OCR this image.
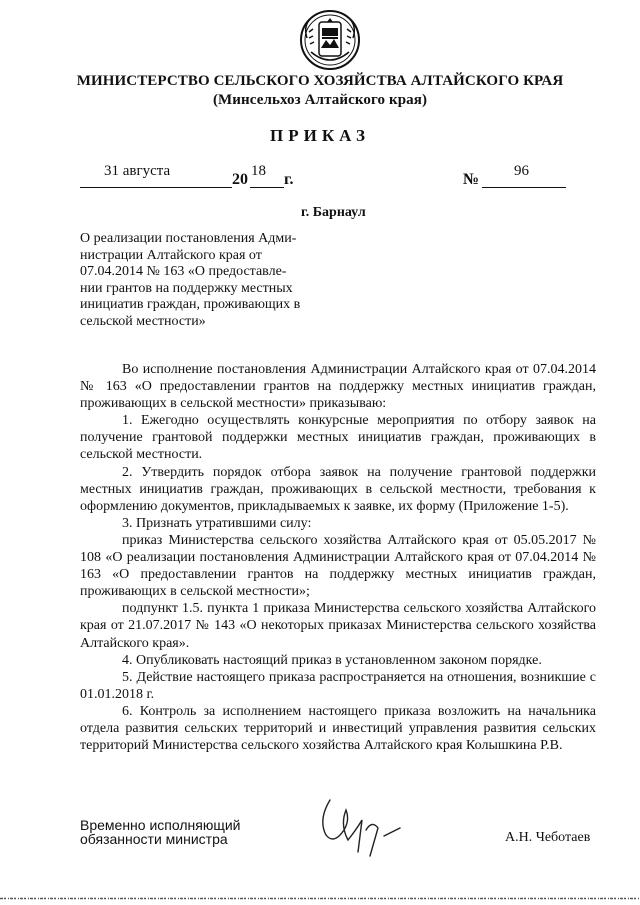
МИНИСТЕРСТВО СЕЛЬСКОГО ХОЗЯЙСТВА АЛТАЙСКОГО КРАЯ
(Минсельхоз Алтайского края)
ПРИКАЗ
31 августа	20 18 г.	№ 96
г. Барнаул
О реализации постановления Адми-
нистрации Алтайского края от
07.04.2014 № 163 «О предоставле-
нии грантов на поддержку местных
инициатив граждан, проживающих в
сельской местности»

Во исполнение постановления Администрации Алтайского края от 07.04.2014 № 163 «О предоставлении грантов на поддержку местных инициатив граждан, проживающих в сельской местности» приказываю:

1. Ежегодно осуществлять конкурсные мероприятия по отбору заявок на получение грантовой поддержки местных инициатив граждан, проживающих в сельской местности.

2. Утвердить порядок отбора заявок на получение грантовой поддержки местных инициатив граждан, проживающих в сельской местности, требования к оформлению документов, прикладываемых к заявке, их форму (Приложение 1-5).

3. Признать утратившими силу:

приказ Министерства сельского хозяйства Алтайского края от 05.05.2017 № 108 «О реализации постановления Администрации Алтайского края от 07.04.2014 № 163 «О предоставлении грантов на поддержку местных инициатив граждан, проживающих в сельской местности»;

подпункт 1.5. пункта 1 приказа Министерства сельского хозяйства Алтайского края от 21.07.2017 № 143 «О некоторых приказах Министерства сельского хозяйства Алтайского края».

4. Опубликовать настоящий приказ в установленном законом порядке.

5. Действие настоящего приказа распространяется на отношения, возникшие с 01.01.2018 г.

6. Контроль за исполнением настоящего приказа возложить на начальника отдела развития сельских территорий и инвестиций управления развития сельских территорий Министерства сельского хозяйства Алтайского края Колышкина Р.В.

Временно исполняющий
обязанности министра	А.Н. Чеботаев
